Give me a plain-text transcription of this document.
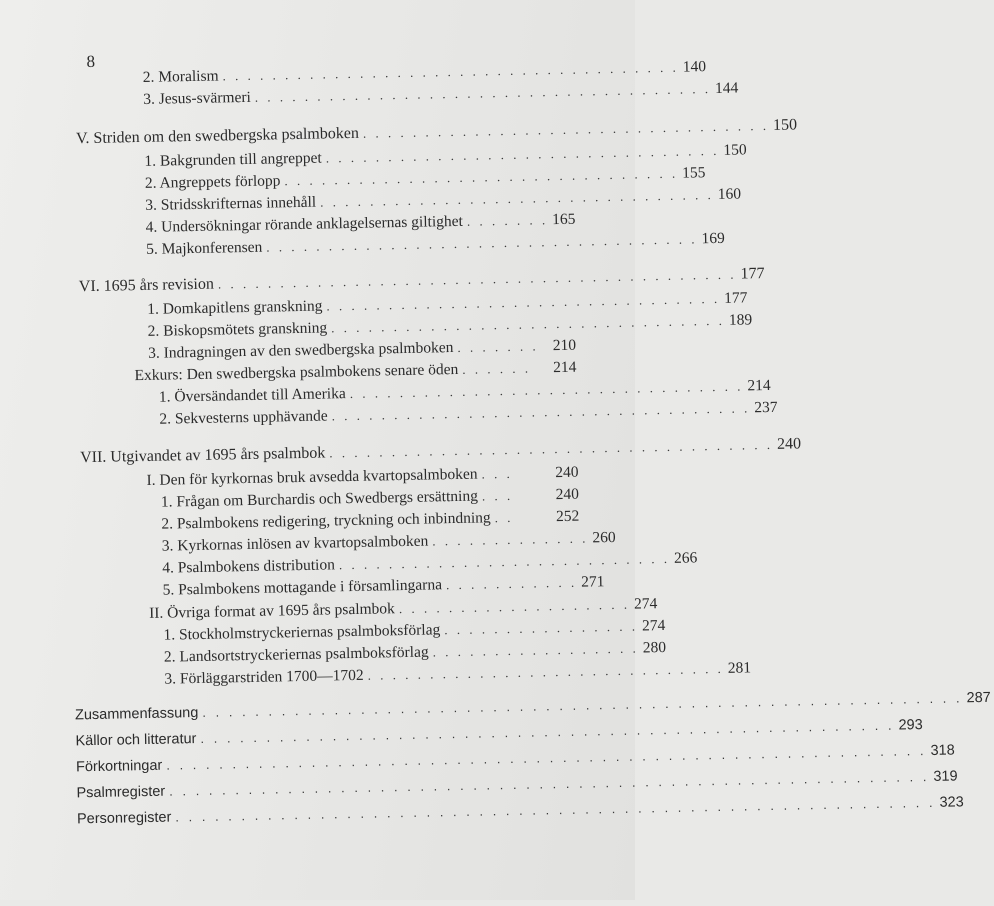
8
2. Moralism . . . . . . . . . . . . . . . . . . . . . . . . . . . . . . . . . . . . . 140
3. Jesus-svärmeri . . . . . . . . . . . . . . . . . . . . . . . . . . . . . . . . . . . . . 144
V. Striden om den swedbergska psalmboken . . . . . . . . . . . . . . . . . . . . . . . . . . . . . . . . . 150
1. Bakgrunden till angreppet . . . . . . . . . . . . . . . . . . . . . . . . . . . . . . . . 150
2. Angreppets förlopp . . . . . . . . . . . . . . . . . . . . . . . . . . . . . . . . 155
3. Stridsskrifternas innehåll . . . . . . . . . . . . . . . . . . . . . . . . . . . . . . . . 160
4. Undersökningar rörande anklagelsernas giltighet . . . . . . . 165
5. Majkonferensen . . . . . . . . . . . . . . . . . . . . . . . . . . . . . . . . . . . 169
VI. 1695 års revision . . . . . . . . . . . . . . . . . . . . . . . . . . . . . . . . . . . . . . . . . . 177
1. Domkapitlens granskning . . . . . . . . . . . . . . . . . . . . . . . . . . . . . . . . 177
2. Biskopsmötets granskning . . . . . . . . . . . . . . . . . . . . . . . . . . . . . . . . 189
3. Indragningen av den swedbergska psalmboken . . . . . . . 210
Exkurs: Den swedbergska psalmbokens senare öden . . . . . .	214
1. Översändandet till Amerika . . . . . . . . . . . . . . . . . . . . . . . . . . . . . . . . 214
2. Sekvesterns upphävande . . . . . . . . . . . . . . . . . . . . . . . . . . . . . . . . . . 237
VII. Utgivandet av 1695 års psalmbok . . . . . . . . . . . . . . . . . . . . . . . . . . . . . . . . . . . . 240
I. Den för kyrkornas bruk avsedda kvartopsalmboken . . .	240
1. Frågan om Burchardis och Swedbergs ersättning . . .	240
2. Psalmbokens redigering, tryckning och inbindning . .	252
3. Kyrkornas inlösen av kvartopsalmboken . . . . . . . . . . . . . 260
4. Psalmbokens distribution . . . . . . . . . . . . . . . . . . . . . . . . . . . 266
5. Psalmbokens mottagande i församlingarna . . . . . . . . . . . 271
II. Övriga format av 1695 års psalmbok . . . . . . . . . . . . . . . . . . . 274
1. Stockholmstryckeriernas psalmboksförlag . . . . . . . . . . . . . . . . 274
2. Landsortstryckeriernas psalmboksförlag . . . . . . . . . . . . . . . . . 280
3. Förläggarstriden 1700—1702 . . . . . . . . . . . . . . . . . . . . . . . . . . . . . 281
Zusammenfassung . . . . . . . . . . . . . . . . . . . . . . . . . . . . . . . . . . . . . . . . . . . . . . . . . . . . . . . . . . 287
Källor och litteratur . . . . . . . . . . . . . . . . . . . . . . . . . . . . . . . . . . . . . . . . . . . . . . . . . . . . . 293
Förkortningar . . . . . . . . . . . . . . . . . . . . . . . . . . . . . . . . . . . . . . . . . . . . . . . . . . . . . . . . . . 318
Psalmregister . . . . . . . . . . . . . . . . . . . . . . . . . . . . . . . . . . . . . . . . . . . . . . . . . . . . . . . . . . 319
Personregister . . . . . . . . . . . . . . . . . . . . . . . . . . . . . . . . . . . . . . . . . . . . . . . . . . . . . . . . . . 323
